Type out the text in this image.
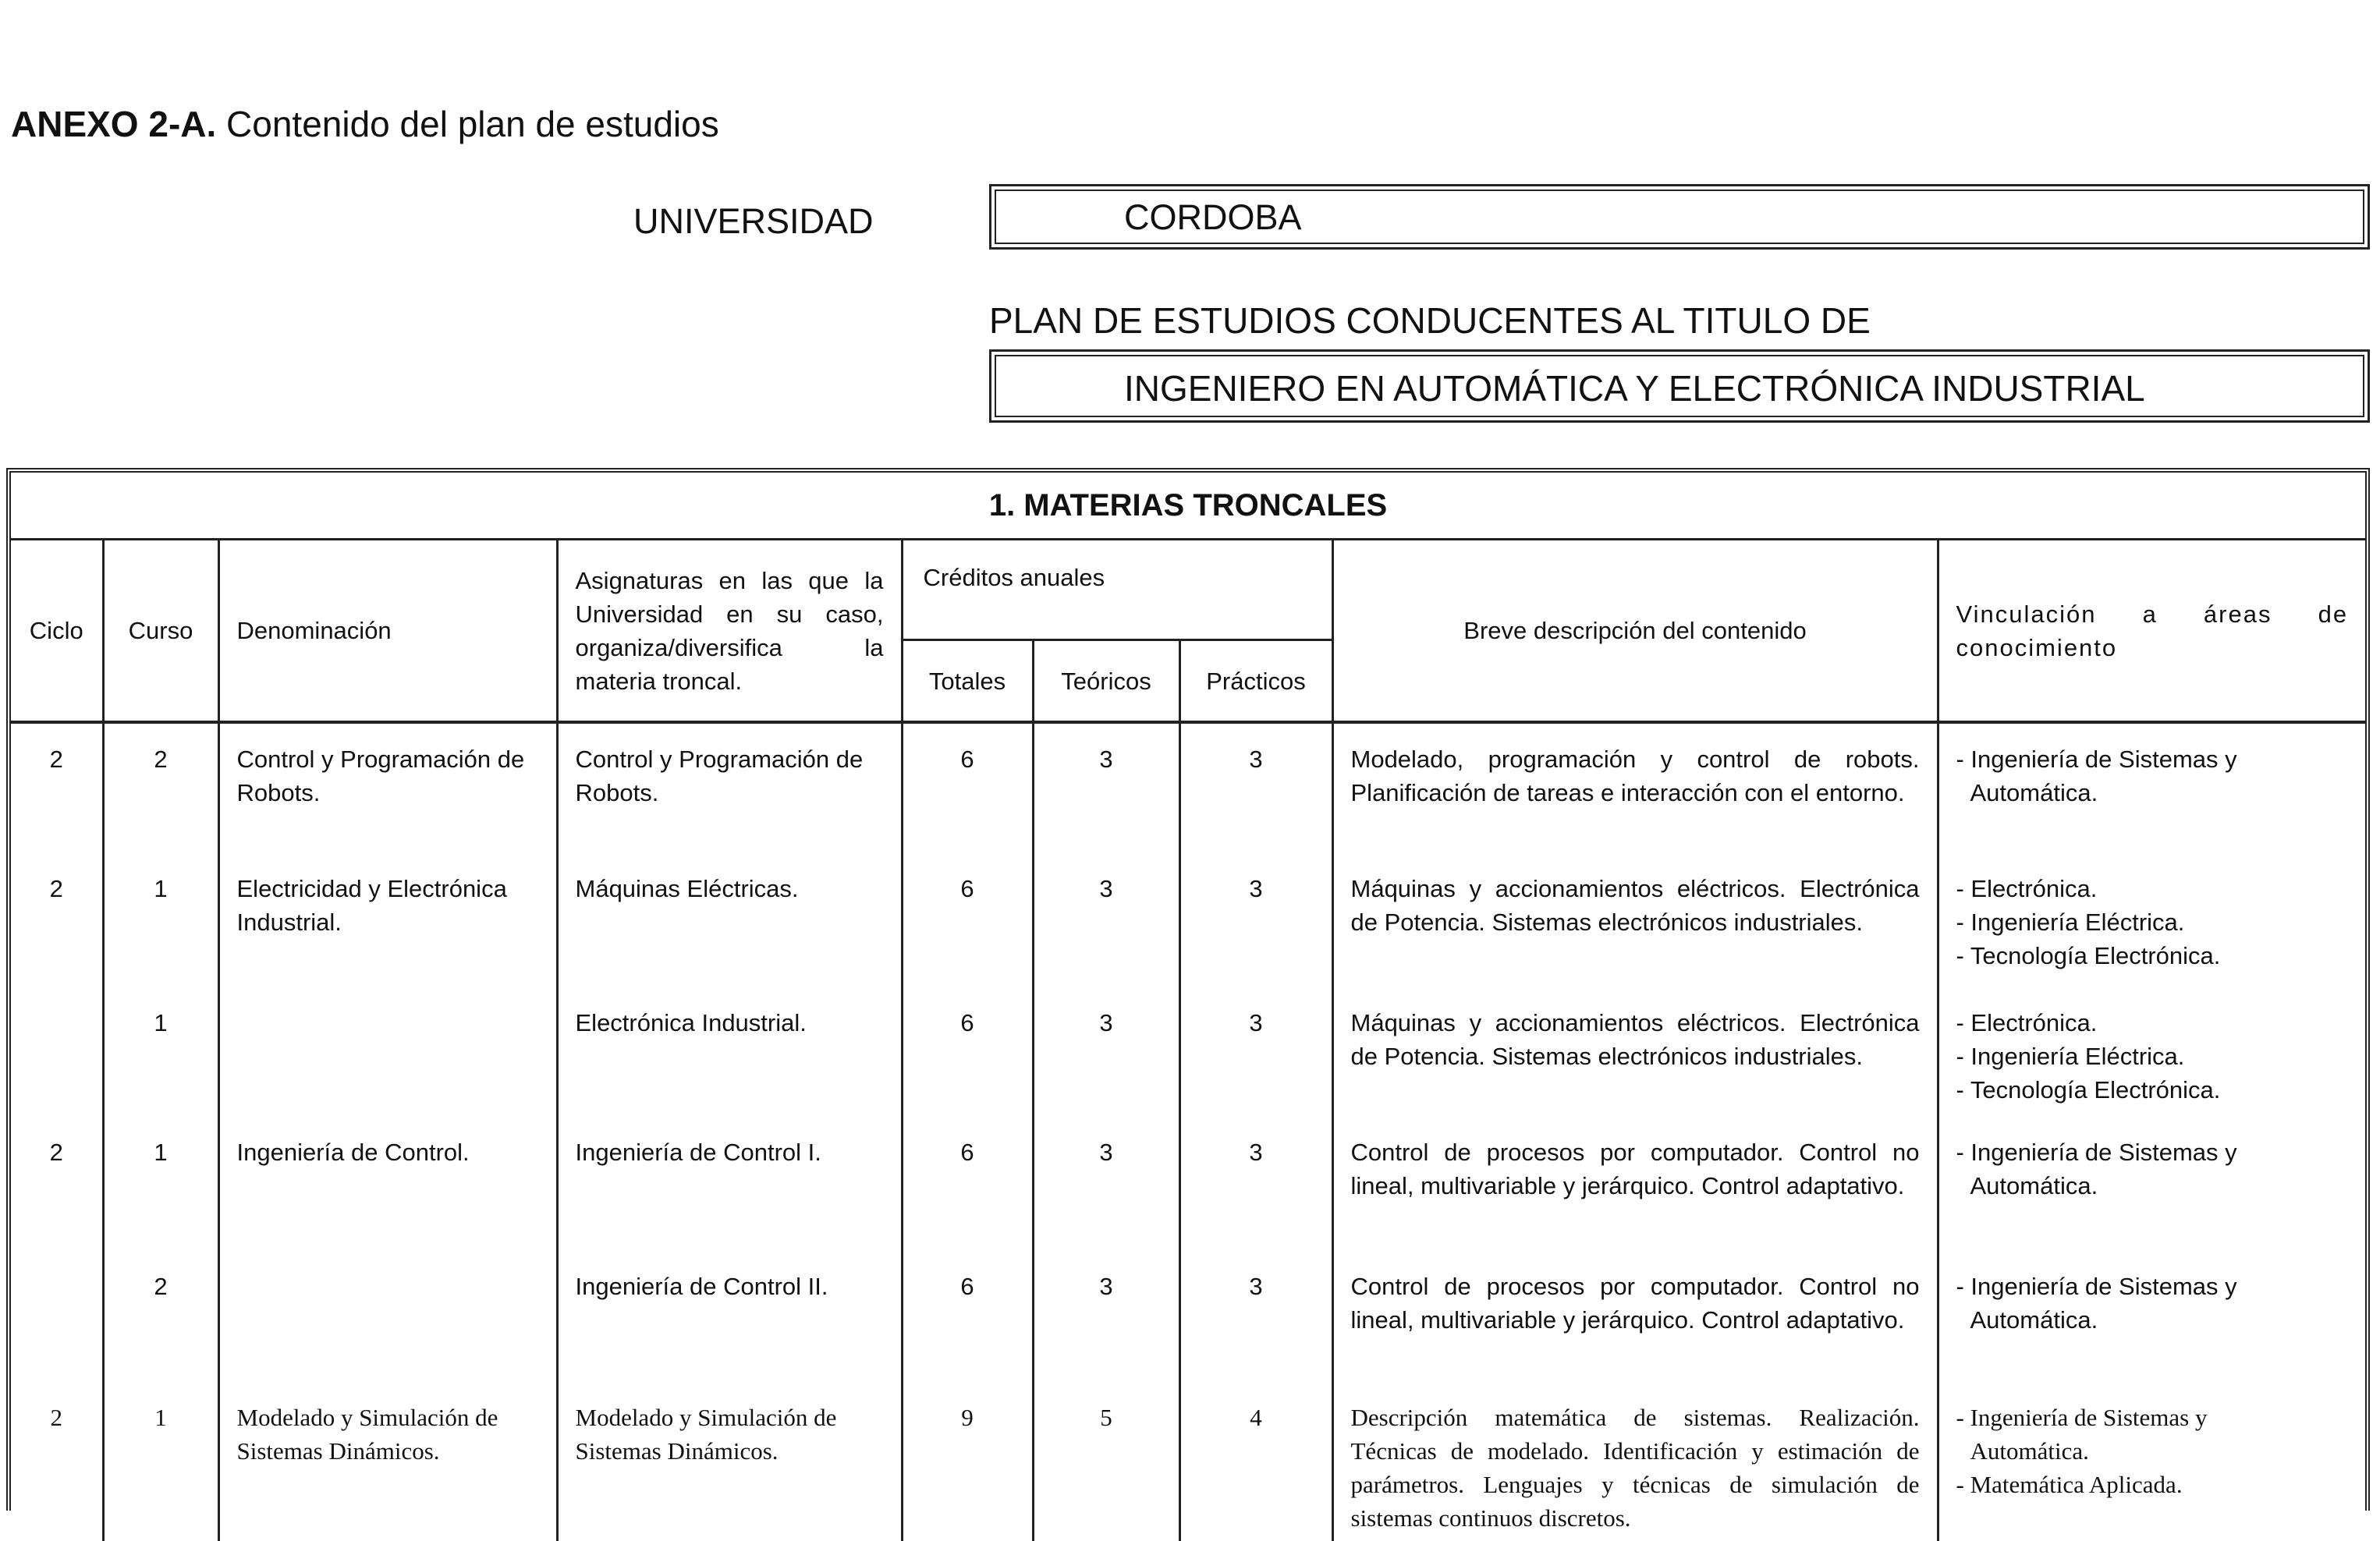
ANEXO 2-A. Contenido del plan de estudios
UNIVERSIDAD	CORDOBA
PLAN DE ESTUDIOS CONDUCENTES AL TITULO DE
INGENIERO EN AUTOMÁTICA Y ELECTRÓNICA INDUSTRIAL
1. MATERIAS TRONCALES								
Ciclo	Curso	Denominación	Asignaturas en las que la Universidad en su caso, organiza/diversifica la materia troncal.	Créditos anuales			Breve descripción del contenido	Vinculación a áreas de conocimiento
				Totales	Teóricos	Prácticos		
2	2	Control y Programación de Robots.	Control y Programación de Robots.	6	3	3	Modelado, programación y control de robots. Planificación de tareas e interacción con el entorno.	- Ingeniería de Sistemas y
Automática.

2	1	Electricidad y Electrónica Industrial.	Máquinas Eléctricas.	6	3	3	Máquinas y accionamientos eléctricos. Electrónica de Potencia. Sistemas electrónicos industriales.	- Electrónica.
- Ingeniería Eléctrica.
- Tecnología Electrónica.

	1		Electrónica Industrial.	6	3	3	Máquinas y accionamientos eléctricos. Electrónica de Potencia. Sistemas electrónicos industriales.	- Electrónica.
- Ingeniería Eléctrica.
- Tecnología Electrónica.

2	1	Ingeniería de Control.	Ingeniería de Control I.	6	3	3	Control de procesos por computador. Control no lineal, multivariable y jerárquico. Control adaptativo.	- Ingeniería de Sistemas y
Automática.

	2		Ingeniería de Control II.	6	3	3	Control de procesos por computador. Control no lineal, multivariable y jerárquico. Control adaptativo.	- Ingeniería de Sistemas y
Automática.

2	1	Modelado y Simulación de Sistemas Dinámicos.	Modelado y Simulación de Sistemas Dinámicos.	9	5	4	Descripción matemática de sistemas. Realización. Técnicas de modelado. Identificación y estimación de parámetros. Lenguajes y técnicas de simulación de sistemas continuos discretos.	- Ingeniería de Sistemas y
Automática.
- Matemática Aplicada.
